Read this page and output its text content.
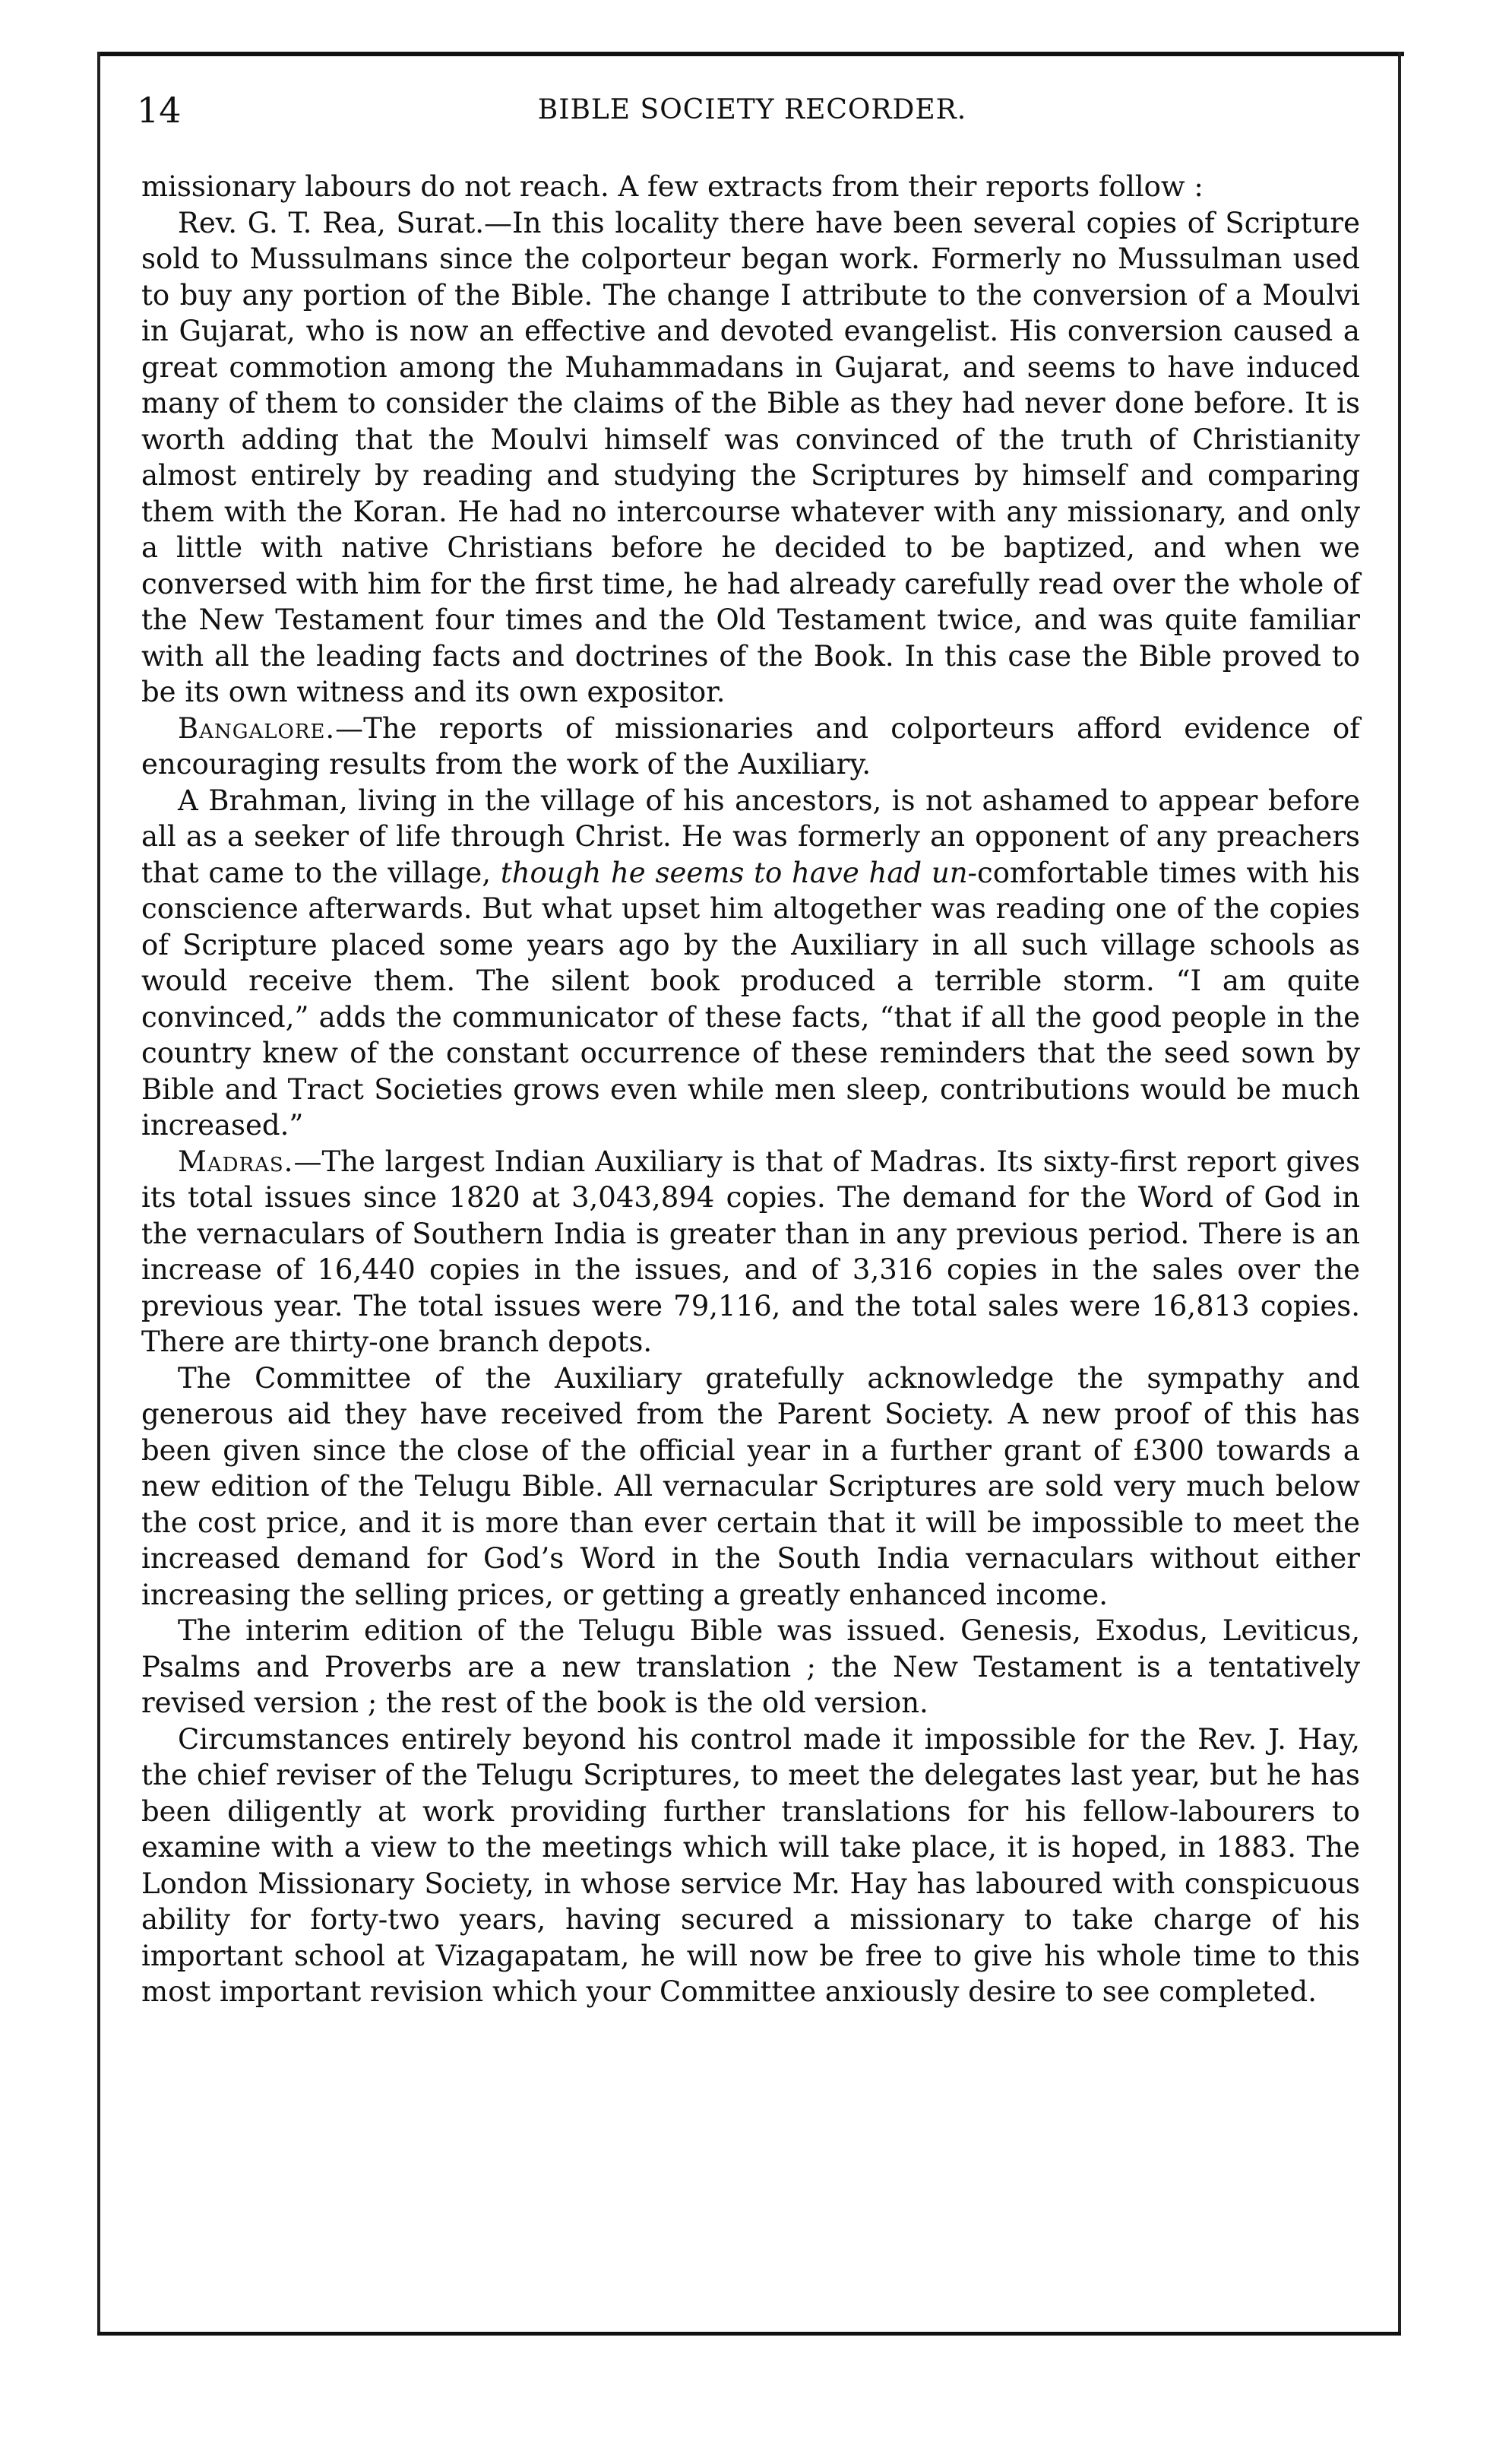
14	BIBLE SOCIETY RECORDER.

missionary labours do not reach. A few extracts from their reports follow :

Rev. G. T. Rea, Surat.—In this locality there have been several copies of Scripture sold to Mussulmans since the colporteur began work. Formerly no Mussulman used to buy any portion of the Bible. The change I attribute to the conversion of a Moulvi in Gujarat, who is now an effective and devoted evangelist. His conversion caused a great commotion among the Muhammadans in Gujarat, and seems to have induced many of them to consider the claims of the Bible as they had never done before. It is worth adding that the Moulvi himself was convinced of the truth of Christianity almost entirely by reading and studying the Scriptures by himself and comparing them with the Koran. He had no intercourse whatever with any missionary, and only a little with native Christians before he decided to be baptized, and when we conversed with him for the first time, he had already carefully read over the whole of the New Testament four times and the Old Testament twice, and was quite familiar with all the leading facts and doctrines of the Book. In this case the Bible proved to be its own witness and its own expositor.

Bangalore.—The reports of missionaries and colporteurs afford evidence of encouraging results from the work of the Auxiliary.

A Brahman, living in the village of his ancestors, is not ashamed to appear before all as a seeker of life through Christ. He was formerly an opponent of any preachers that came to the village, though he seems to have had un-comfortable times with his conscience afterwards. But what upset him altogether was reading one of the copies of Scripture placed some years ago by the Auxiliary in all such village schools as would receive them. The silent book produced a terrible storm. “I am quite convinced,” adds the communicator of these facts, “that if all the good people in the country knew of the constant occurrence of these reminders that the seed sown by Bible and Tract Societies grows even while men sleep, contributions would be much increased.”

Madras.—The largest Indian Auxiliary is that of Madras. Its sixty-first report gives its total issues since 1820 at 3,043,894 copies. The demand for the Word of God in the vernaculars of Southern India is greater than in any previous period. There is an increase of 16,440 copies in the issues, and of 3,316 copies in the sales over the previous year. The total issues were 79,116, and the total sales were 16,813 copies. There are thirty-one branch depots.

The Committee of the Auxiliary gratefully acknowledge the sympathy and generous aid they have received from the Parent Society. A new proof of this has been given since the close of the official year in a further grant of £300 towards a new edition of the Telugu Bible. All vernacular Scriptures are sold very much below the cost price, and it is more than ever certain that it will be impossible to meet the increased demand for God’s Word in the South India vernaculars without either increasing the selling prices, or getting a greatly enhanced income.

The interim edition of the Telugu Bible was issued. Genesis, Exodus, Leviticus, Psalms and Proverbs are a new translation ; the New Testament is a tentatively revised version ; the rest of the book is the old version.

Circumstances entirely beyond his control made it impossible for the Rev. J. Hay, the chief reviser of the Telugu Scriptures, to meet the delegates last year, but he has been diligently at work providing further translations for his fellow-labourers to examine with a view to the meetings which will take place, it is hoped, in 1883. The London Missionary Society, in whose service Mr. Hay has laboured with conspicuous ability for forty-two years, having secured a missionary to take charge of his important school at Vizagapatam, he will now be free to give his whole time to this most important revision which your Committee anxiously desire to see completed.
